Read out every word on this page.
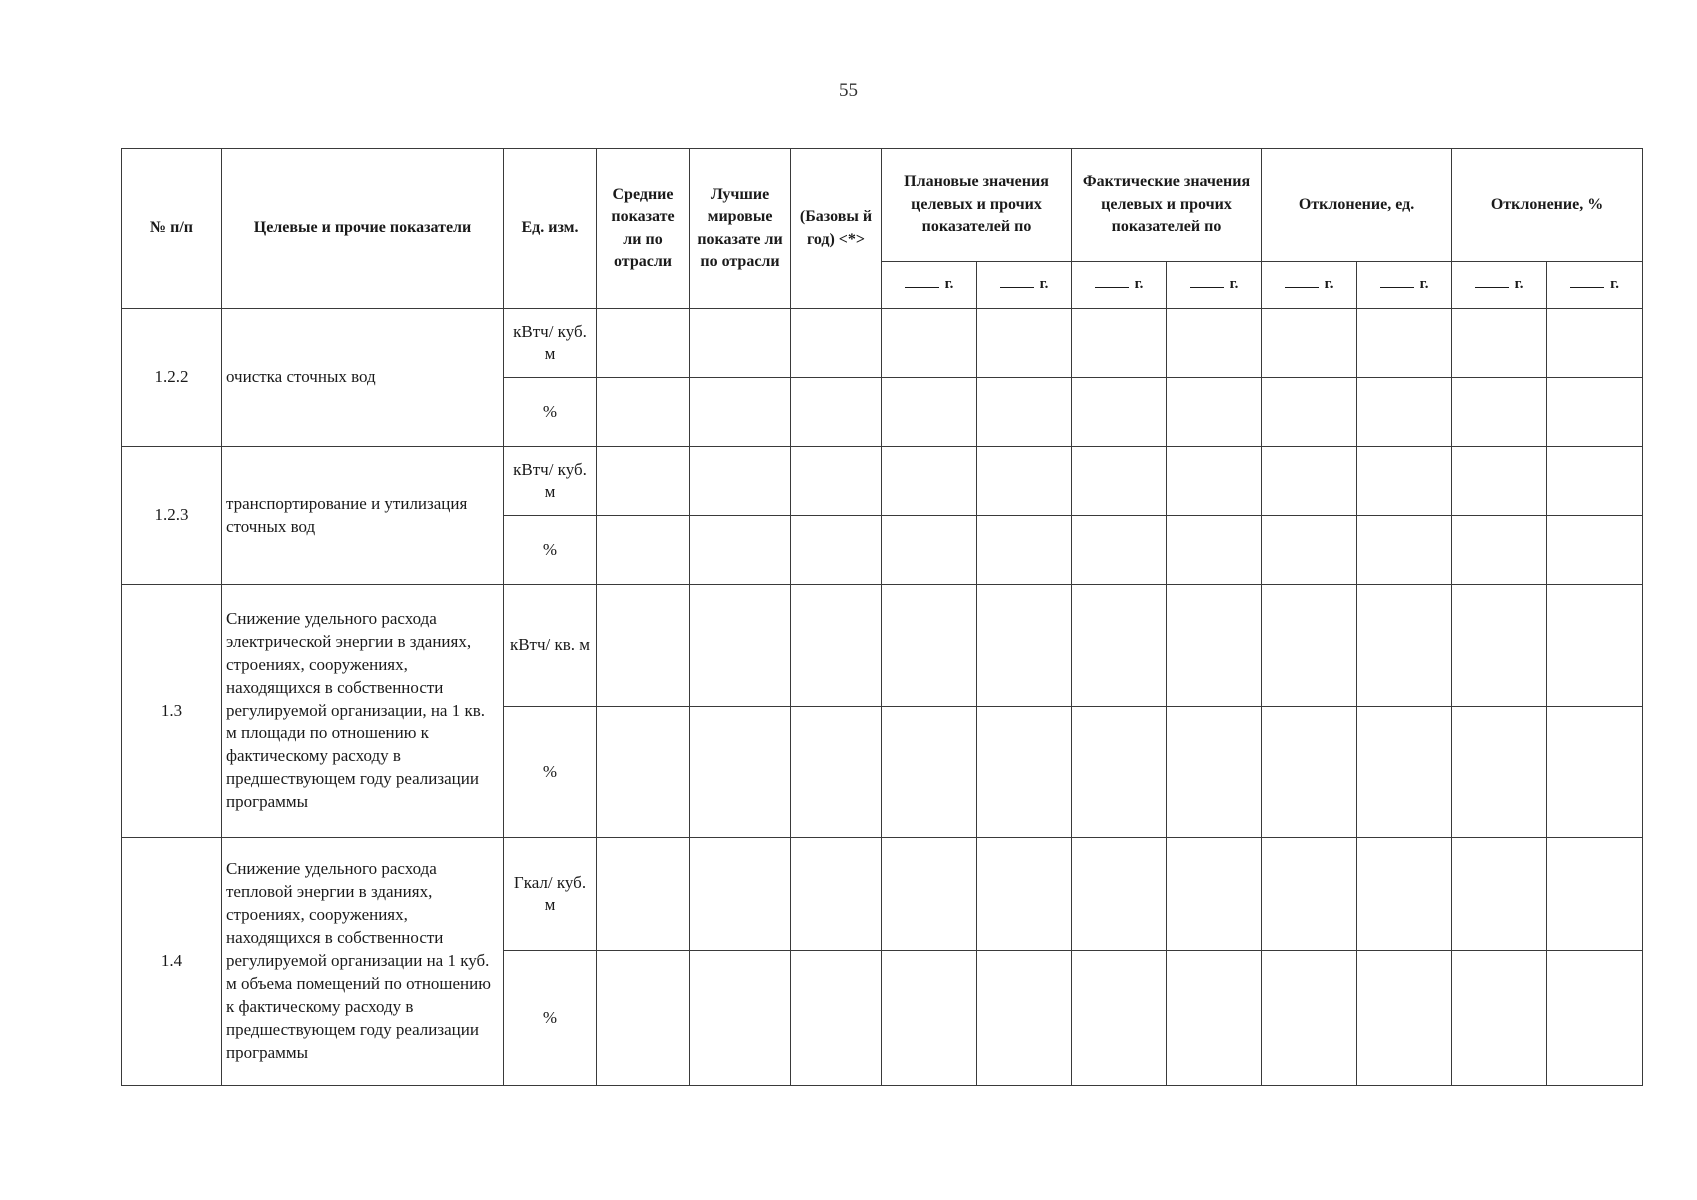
55
№ п/п	Целевые и прочие показатели	Ед. изм.	Средние показате ли по отрасли	Лучшие мировые показате ли по отрасли	(Базовы й год) <*>	Плановые значения целевых и прочих показателей по		Фактические значения целевых и прочих показателей по		Отклонение, ед.		Отклонение, %	
						г.	г.	г.	г.	г.	г.	г.	г.
1.2.2	очистка сточных вод	кВтч/ куб. м											
		%											
1.2.3	транспортирование и утилизация сточных вод	кВтч/ куб. м											
		%											
1.3	Снижение удельного расхода электрической энергии в зданиях, строениях, сооружениях, находящихся в собственности регулируемой организации, на 1 кв. м площади по отношению к фактическому расходу в предшествующем году реализации программы	кВтч/ кв. м											
		%											
1.4	Снижение удельного расхода тепловой энергии в зданиях, строениях, сооружениях, находящихся в собственности регулируемой организации на 1 куб. м объема помещений по отношению к фактическому расходу в предшествующем году реализации программы	Гкал/ куб. м											
		%											
